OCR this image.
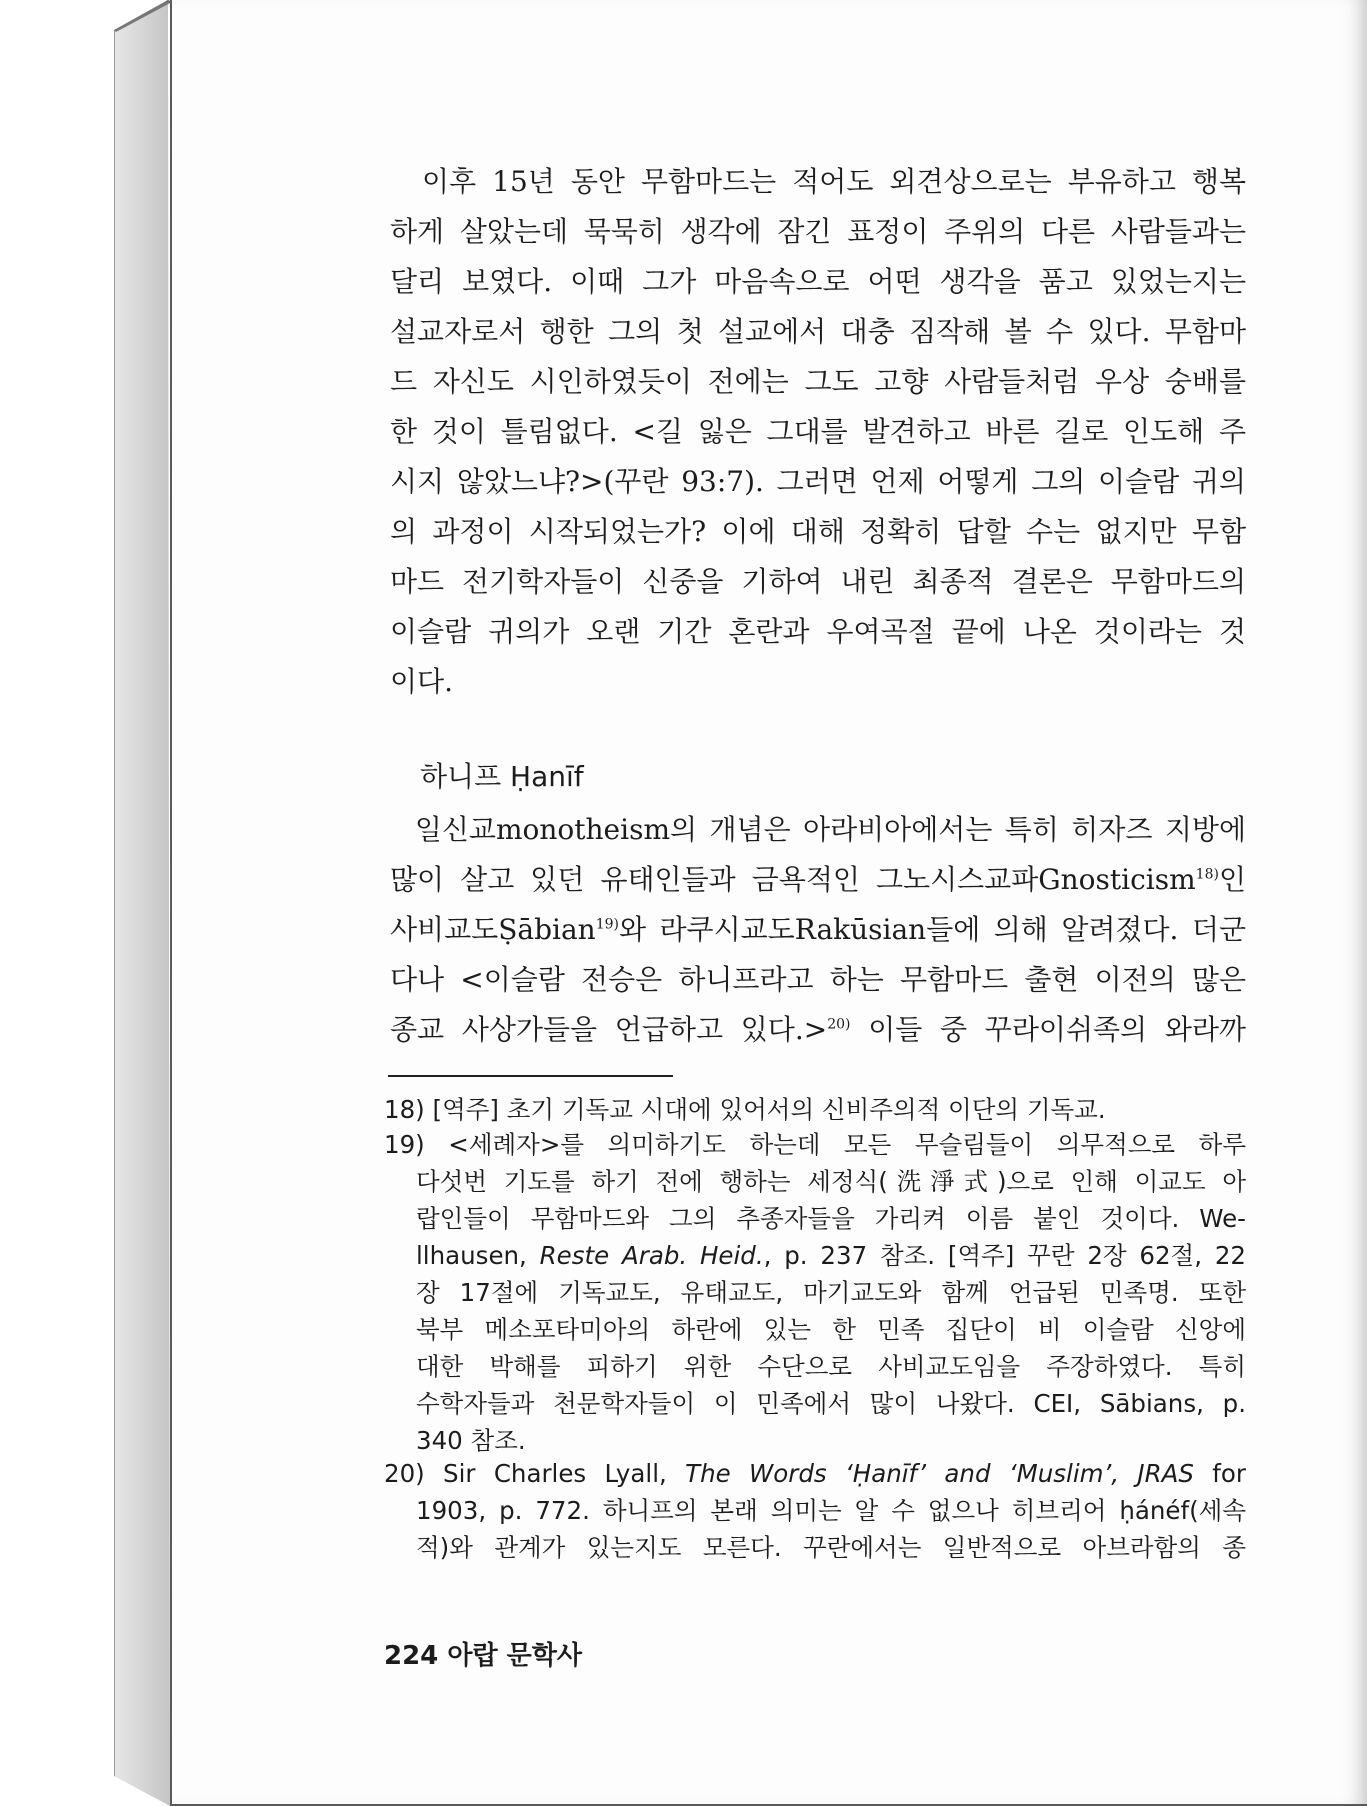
이후 15년 동안 무함마드는 적어도 외견상으로는 부유하고 행복
하게 살았는데 묵묵히 생각에 잠긴 표정이 주위의 다른 사람들과는
달리 보였다. 이때 그가 마음속으로 어떤 생각을 품고 있었는지는
설교자로서 행한 그의 첫 설교에서 대충 짐작해 볼 수 있다. 무함마
드 자신도 시인하였듯이 전에는 그도 고향 사람들처럼 우상 숭배를
한 것이 틀림없다. <길 잃은 그대를 발견하고 바른 길로 인도해 주
시지 않았느냐?>(꾸란 93:7). 그러면 언제 어떻게 그의 이슬람 귀의
의 과정이 시작되었는가? 이에 대해 정확히 답할 수는 없지만 무함
마드 전기학자들이 신중을 기하여 내린 최종적 결론은 무함마드의
이슬람 귀의가 오랜 기간 혼란과 우여곡절 끝에 나온 것이라는 것
이다.
하니프 Ḥanīf
일신교monotheism의 개념은 아라비아에서는 특히 히자즈 지방에
많이 살고 있던 유태인들과 금욕적인 그노시스교파Gnosticism$^{18)}$인
사비교도Ṣābian$^{19)}$와 라쿠시교도Rakūsian들에 의해 알려졌다. 더군
다나 <이슬람 전승은 하니프라고 하는 무함마드 출현 이전의 많은
종교 사상가들을 언급하고 있다.>$^{20)}$ 이들 중 꾸라이쉬족의 와라까
18) [역주] 초기 기독교 시대에 있어서의 신비주의적 이단의 기독교.
19) <세례자>를 의미하기도 하는데 모든 무슬림들이 의무적으로 하루
다섯번 기도를 하기 전에 행하는 세정식(洗淨式)으로 인해 이교도 아
랍인들이 무함마드와 그의 추종자들을 가리켜 이름 붙인 것이다. We-
llhausen, Reste Arab. Heid., p. 237 참조. [역주] 꾸란 2장 62절, 22
장 17절에 기독교도, 유태교도, 마기교도와 함께 언급된 민족명. 또한
북부 메소포타미아의 하란에 있는 한 민족 집단이 비 이슬람 신앙에
대한 박해를 피하기 위한 수단으로 사비교도임을 주장하였다. 특히
수학자들과 천문학자들이 이 민족에서 많이 나왔다. CEI, Sābians, p.
340 참조.
20) Sir Charles Lyall, The Words ‘Ḥanīf’ and ‘Muslim’, JRAS for
1903, p. 772. 하니프의 본래 의미는 알 수 없으나 히브리어 ḥánéf(세속
적)와 관계가 있는지도 모른다. 꾸란에서는 일반적으로 아브라함의 종
224 아랍 문학사
